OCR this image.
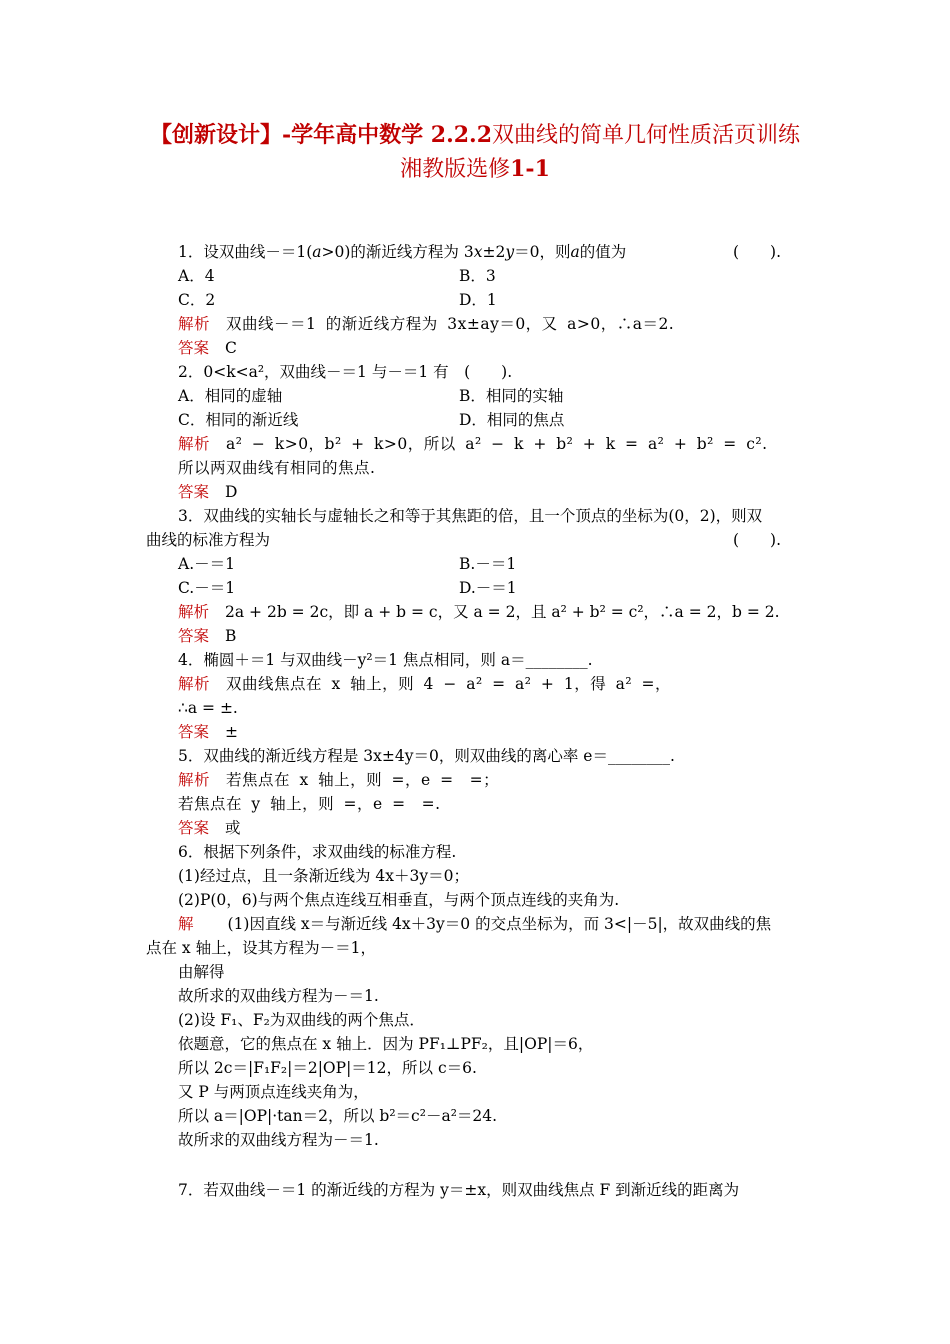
【创新设计】-学年高中数学 2.2.2双曲线的简单几何性质活页训练
湘教版选修1-1
1．设双曲线－＝1(a>0)的渐近线方程为 3x±2y＝0，则a的值为	(　　).
A．4	B．3
C．2	D．1
解析 双曲线－＝1 的渐近线方程为 3x±ay＝0，又 a>0，∴a＝2.
答案 C
2．0<k<a²，双曲线－＝1 与－＝1 有　(　　).
A．相同的虚轴	B．相同的实轴
C．相同的渐近线	D．相同的焦点
解析 a² − k>0，b² + k>0，所以 a² − k + b² + k = a² + b² = c².
所以两双曲线有相同的焦点.
答案 D
3．双曲线的实轴长与虚轴长之和等于其焦距的倍，且一个顶点的坐标为(0，2)，则双
曲线的标准方程为	(　　).
A.－＝1	B.－＝1
C.－＝1	D.－＝1
解析 2a + 2b = 2c，即 a + b = c，又 a = 2，且 a² + b² = c²，∴a = 2，b = 2.
答案 B
4．椭圆＋＝1 与双曲线－y²＝1 焦点相同，则 a＝________.
解析 双曲线焦点在 x 轴上，则 4 − a² = a² + 1，得 a² =，
∴a = ±.
答案 ±
5．双曲线的渐近线方程是 3x±4y＝0，则双曲线的离心率 e＝________.
解析 若焦点在 x 轴上，则 =，e =　=；
若焦点在 y 轴上，则 =，e =　=.
答案 或
6．根据下列条件，求双曲线的标准方程.
(1)经过点，且一条渐近线为 4x＋3y＝0；
(2)P(0，6)与两个焦点连线互相垂直，与两个顶点连线的夹角为.
解 (1)因直线 x＝与渐近线 4x＋3y＝0 的交点坐标为，而 3<|－5|，故双曲线的焦
点在 x 轴上，设其方程为－＝1，
由解得
故所求的双曲线方程为－＝1.
(2)设 F₁、F₂为双曲线的两个焦点．
依题意，它的焦点在 x 轴上．因为 PF₁⊥PF₂，且|OP|＝6，
所以 2c＝|F₁F₂|＝2|OP|＝12，所以 c＝6.
又 P 与两顶点连线夹角为，
所以 a＝|OP|·tan＝2，所以 b²＝c²－a²＝24.
故所求的双曲线方程为－＝1.
7．若双曲线－＝1 的渐近线的方程为 y＝±x，则双曲线焦点 F 到渐近线的距离为
